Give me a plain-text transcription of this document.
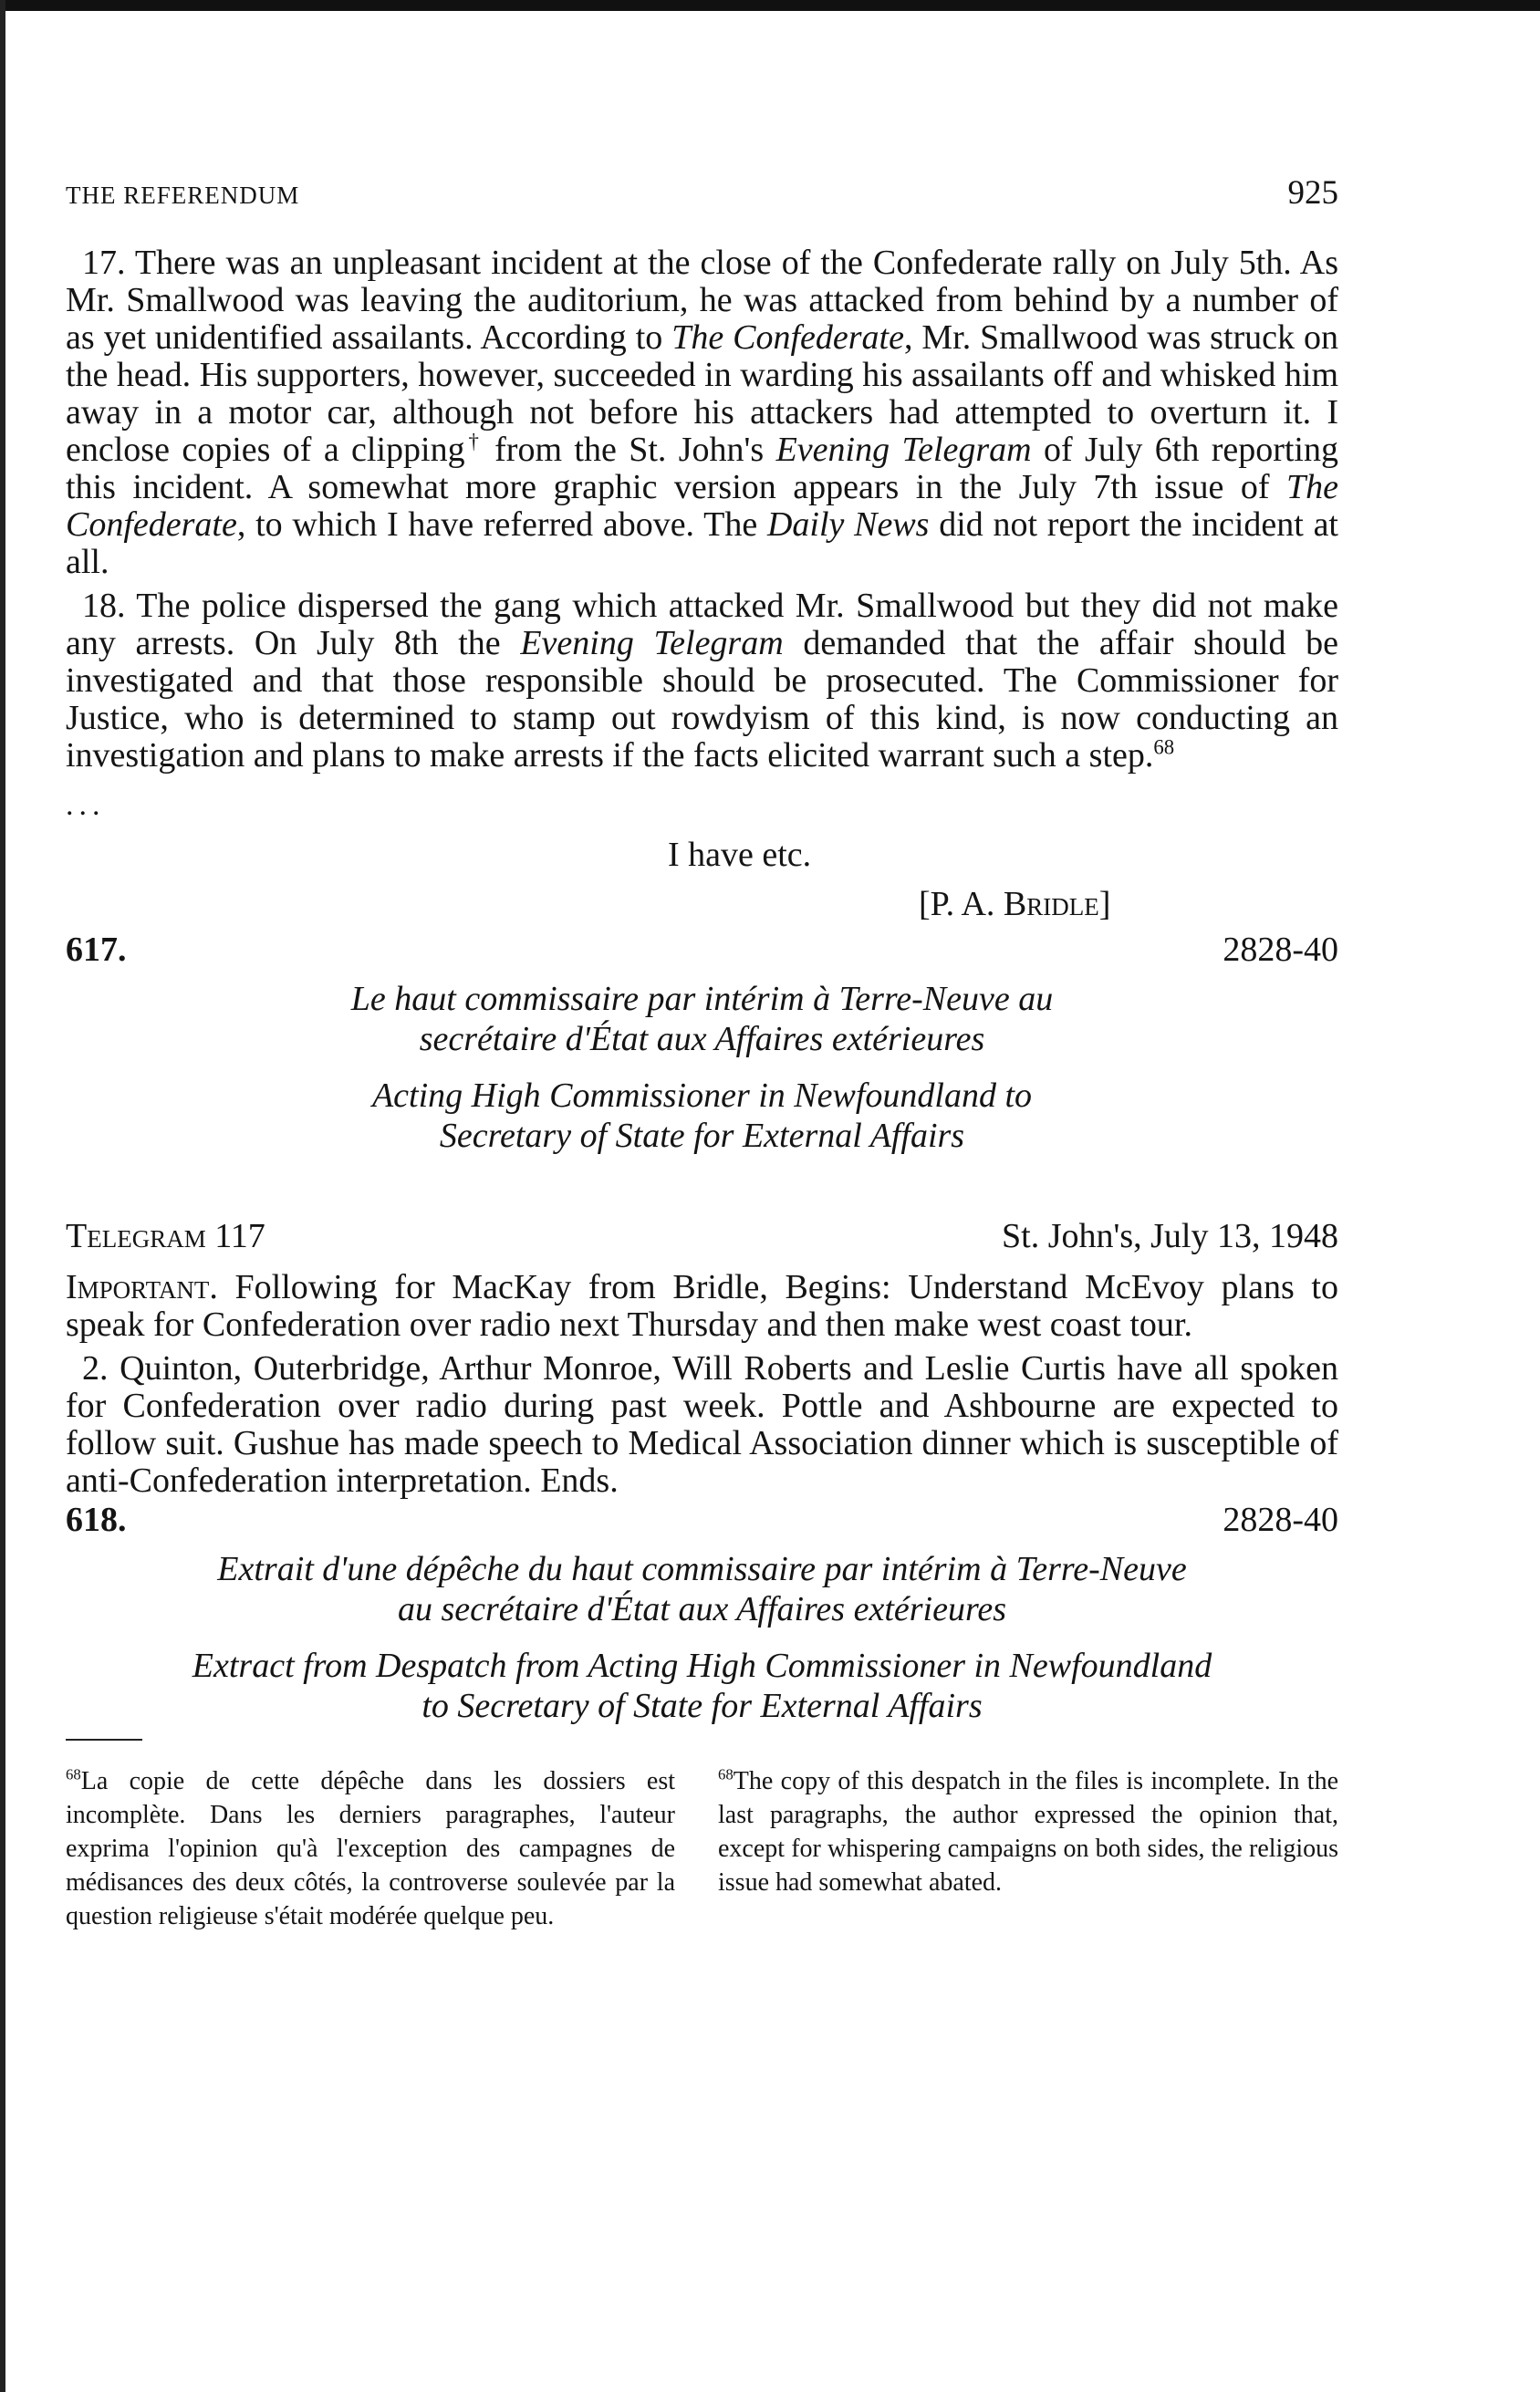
THE REFERENDUM	925

17. There was an unpleasant incident at the close of the Confederate rally on July 5th. As Mr. Smallwood was leaving the auditorium, he was attacked from behind by a number of as yet unidentified assailants. According to The Confederate, Mr. Smallwood was struck on the head. His supporters, however, succeeded in warding his assailants off and whisked him away in a motor car, although not before his attackers had attempted to overturn it. I enclose copies of a clipping† from the St. John's Evening Telegram of July 6th reporting this incident. A somewhat more graphic version appears in the July 7th issue of The Confederate, to which I have referred above. The Daily News did not report the incident at all.

18. The police dispersed the gang which attacked Mr. Smallwood but they did not make any arrests. On July 8th the Evening Telegram demanded that the affair should be investigated and that those responsible should be prosecuted. The Commissioner for Justice, who is determined to stamp out rowdyism of this kind, is now conducting an investigation and plans to make arrests if the facts elicited warrant such a step.$^{68}$

...
I have etc.
[P. A. Bridle]
617.	2828-40

Le haut commissaire par intérim à Terre-Neuve au

secrétaire d'État aux Affaires extérieures

Acting High Commissioner in Newfoundland to

Secretary of State for External Affairs

Telegram 117	St. John's, July 13, 1948

Important. Following for MacKay from Bridle, Begins: Understand McEvoy plans to speak for Confederation over radio next Thursday and then make west coast tour.

2. Quinton, Outerbridge, Arthur Monroe, Will Roberts and Leslie Curtis have all spoken for Confederation over radio during past week. Pottle and Ashbourne are expected to follow suit. Gushue has made speech to Medical Association dinner which is susceptible of anti-Confederation interpretation. Ends.

618.	2828-40

Extrait d'une dépêche du haut commissaire par intérim à Terre-Neuve

au secrétaire d'État aux Affaires extérieures

Extract from Despatch from Acting High Commissioner in Newfoundland

to Secretary of State for External Affairs

$^{68}$La copie de cette dépêche dans les dossiers est incomplète. Dans les derniers paragraphes, l'auteur exprima l'opinion qu'à l'exception des campagnes de médisances des deux côtés, la controverse soulevée par la question religieuse s'était modérée quelque peu.
$^{68}$The copy of this despatch in the files is incomplete. In the last paragraphs, the author expressed the opinion that, except for whispering campaigns on both sides, the religious issue had somewhat abated.
